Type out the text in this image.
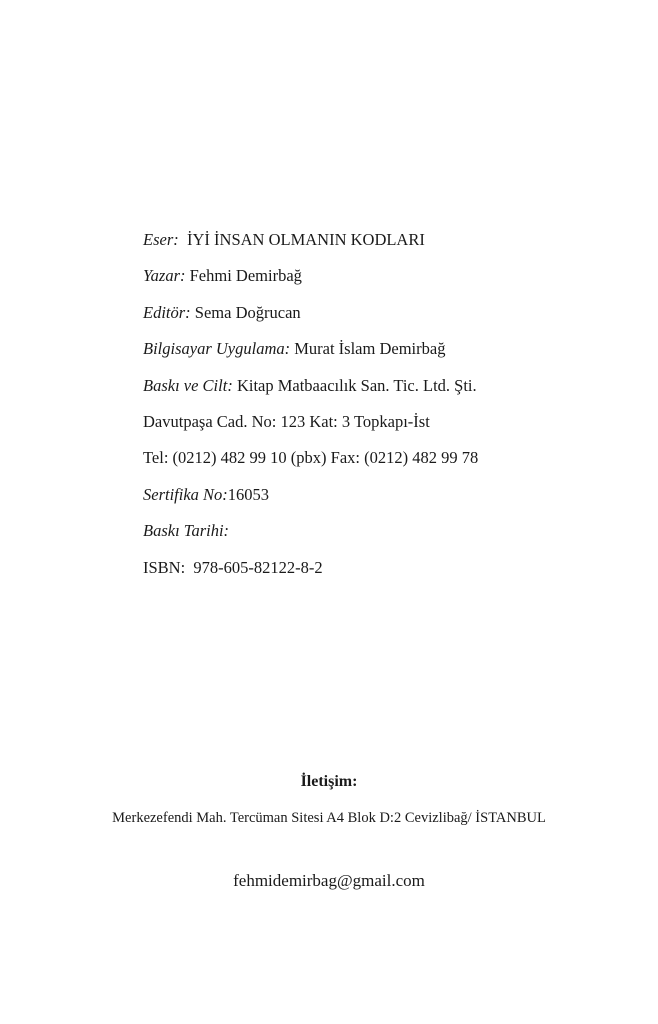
Eser: İYİ İNSAN OLMANIN KODLARI
Yazar: Fehmi Demirbağ
Editör: Sema Doğrucan
Bilgisayar Uygulama: Murat İslam Demirbağ
Baskı ve Cilt: Kitap Matbaacılık San. Tic. Ltd. Şti.
Davutpaşa Cad. No: 123 Kat: 3 Topkapı-İst
Tel: (0212) 482 99 10 (pbx) Fax: (0212) 482 99 78
Sertifika No:16053
Baskı Tarihi:
ISBN:  978-605-82122-8-2
İletişim:
Merkezefendi Mah. Tercüman Sitesi A4 Blok D:2 Cevizlibağ/ İSTANBUL
fehmidemirbag@gmail.com
